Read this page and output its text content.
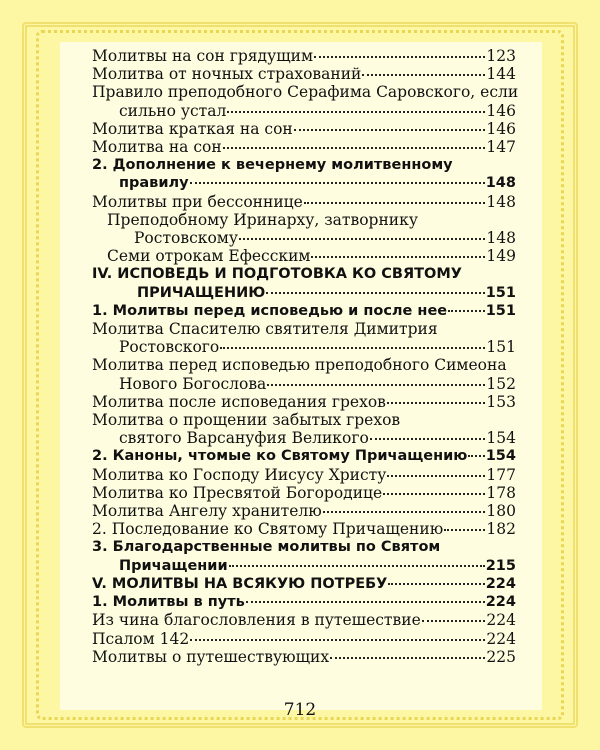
Молитвы на сон грядущим	123
Молитва от ночных страхований	144
Правило преподобного Серафима Саровского, если
сильно устал	146
Молитва краткая на сон	146
Молитва на сон	147
2. Дополнение к вечернему молитвенному
правилу	148
Молитвы при бессоннице	148
Преподобному Иринарху, затворнику
Ростовскому	148
Семи отрокам Ефесским	149
IV. ИСПОВЕДЬ И ПОДГОТОВКА КО СВЯТОМУ
ПРИЧАЩЕНИЮ	151
1. Молитвы перед исповедью и после нее	151
Молитва Спасителю святителя Димитрия
Ростовского	151
Молитва перед исповедью преподобного Симеона
Нового Богослова	152
Молитва после исповедания грехов	153
Молитва о прощении забытых грехов
святого Варсануфия Великого	154
2. Каноны, чтомые ко Святому Причащению 154
Молитва ко Господу Иисусу Христу	177
Молитва ко Пресвятой Богородице	178
Молитва Ангелу хранителю	180
2. Последование ко Святому Причащению	182
3. Благодарственные молитвы по Святом
Причащении	215
V. МОЛИТВЫ НА ВСЯКУЮ ПОТРЕБУ	224
1. Молитвы в путь	224
Из чина благословления в путешествие	224
Псалом 142	224
Молитвы о путешествующих	225
712
